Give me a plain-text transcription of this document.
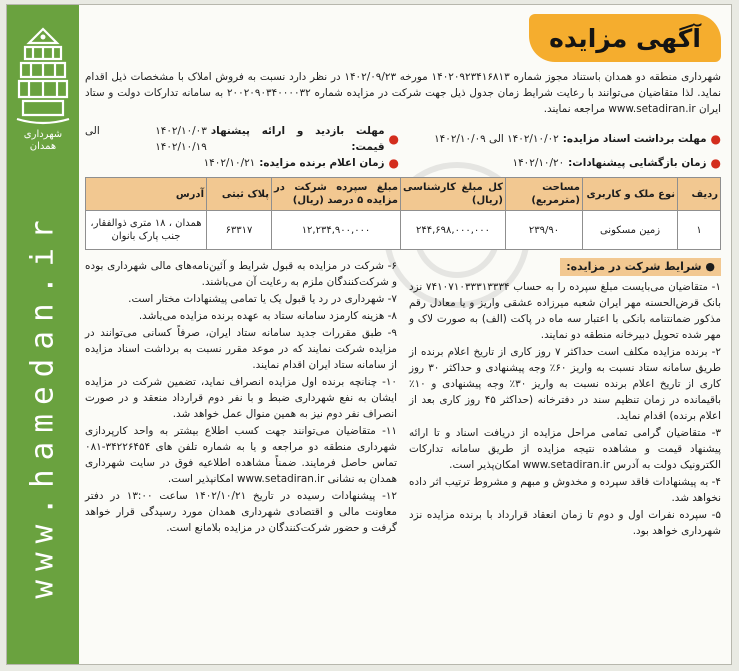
شهرداری همدان
www.hamedan.ir
آگهی مزایده

شهرداری منطقه دو همدان باستناد مجوز شماره ۱۴۰۲۰۹۲۳۴۱۶۸۱۳ مورخه ۱۴۰۲/۰۹/۲۳ در نظر دارد نسبت به فروش املاک با مشخصات ذیل اقدام نماید. لذا متقاضیان می‌توانند با رعایت شرایط زمان جدول ذیل جهت شرکت در مزایده شماره ۲۰۰۲۰۹۰۳۴۰۰۰۰۳۲ به سامانه تدارکات دولت و ستاد ایران www.setadiran.ir مراجعه نمایند.

●
مهلت برداشت اسناد مزایده:
۱۴۰۲/۱۰/۰۲ الی ۱۴۰۲/۱۰/۰۹
●
مهلت بازدید و ارائه پیشنهاد قیمت:
۱۴۰۲/۱۰/۰۳ الی ۱۴۰۲/۱۰/۱۹
●
زمان بازگشایی پیشنهادات:
۱۴۰۲/۱۰/۲۰
●
زمان اعلام برنده مزایده:
۱۴۰۲/۱۰/۲۱
ردیف	نوع ملک و کاربری	مساحت (مترمربع)	کل مبلغ کارشناسی (ریال)	مبلغ سپرده شرکت در مزایده ۵ درصد (ریال)	پلاک ثبتی	آدرس
۱	زمین مسکونی	۲۳۹/۹۰	۲۴۴,۶۹۸,۰۰۰,۰۰۰	۱۲,۲۳۴,۹۰۰,۰۰۰	۶۳۳۱۷	همدان ، ۱۸ متری ذوالفقار، جنب پارک بانوان
● شرایط شرکت در مزایده:

۱- متقاضیان می‌بایست مبلغ سپرده را به حساب ۷۴۱۰۷۱۰۳۳۳۱۳۳۳۴ نزد بانک قرض‌الحسنه مهر ایران شعبه میرزاده عشقی واریز و یا معادل رقم مذکور ضمانتنامه بانکی با اعتبار سه ماه در پاکت (الف) به صورت لاک و مهر شده تحویل دبیرخانه منطقه دو نمایند.

۲- برنده مزایده مکلف است حداکثر ۷ روز کاری از تاریخ اعلام برنده از طریق سامانه ستاد نسبت به واریز ۶۰٪ وجه پیشنهادی و حداکثر ۳۰ روز کاری از تاریخ اعلام برنده نسبت به واریز ۳۰٪ وجه پیشنهادی و ۱۰٪ باقیمانده در زمان تنظیم سند در دفترخانه (حداکثر ۴۵ روز کاری بعد از اعلام برنده) اقدام نماید.

۳- متقاضیان گرامی تمامی مراحل مزایده از دریافت اسناد و تا ارائه پیشنهاد قیمت و مشاهده نتیجه مزایده از طریق سامانه تدارکات الکترونیک دولت به آدرس www.setadiran.ir امکان‌پذیر است.

۴- به پیشنهادات فاقد سپرده و مخدوش و مبهم و مشروط ترتیب اثر داده نخواهد شد.

۵- سپرده نفرات اول و دوم تا زمان انعقاد قرارداد با برنده مزایده نزد شهرداری خواهد بود.

۶- شرکت در مزایده به قبول شرایط و آئین‌نامه‌های مالی شهرداری بوده و شرکت‌کنندگان ملزم به رعایت آن می‌باشند.

۷- شهرداری در رد یا قبول یک یا تمامی پیشنهادات مختار است.

۸- هزینه کارمزد سامانه ستاد به عهده برنده مزایده می‌باشد.

۹- طبق مقررات جدید سامانه ستاد ایران، صرفاً کسانی می‌توانند در مزایده شرکت نمایند که در موعد مقرر نسبت به برداشت اسناد مزایده از سامانه ستاد ایران اقدام نمایند.

۱۰- چنانچه برنده اول مزایده انصراف نماید، تضمین شرکت در مزایده ایشان به نفع شهرداری ضبط و با نفر دوم قرارداد منعقد و در صورت انصراف نفر دوم نیز به همین منوال عمل خواهد شد.

۱۱- متقاضیان می‌توانند جهت کسب اطلاع بیشتر به واحد کارپردازی شهرداری منطقه دو مراجعه و یا به شماره تلفن های ۳۴۲۲۶۴۵۴-۰۸۱ تماس حاصل فرمایند. ضمناً مشاهده اطلاعیه فوق در سایت شهرداری همدان به نشانی www.setadiran.ir امکانپذیر است.

۱۲- پیشنهادات رسیده در تاریخ ۱۴۰۲/۱۰/۲۱ ساعت ۱۳:۰۰ در دفتر معاونت مالی و اقتصادی شهرداری همدان مورد رسیدگی قرار خواهد گرفت و حضور شرکت‌کنندگان در مزایده بلامانع است.
